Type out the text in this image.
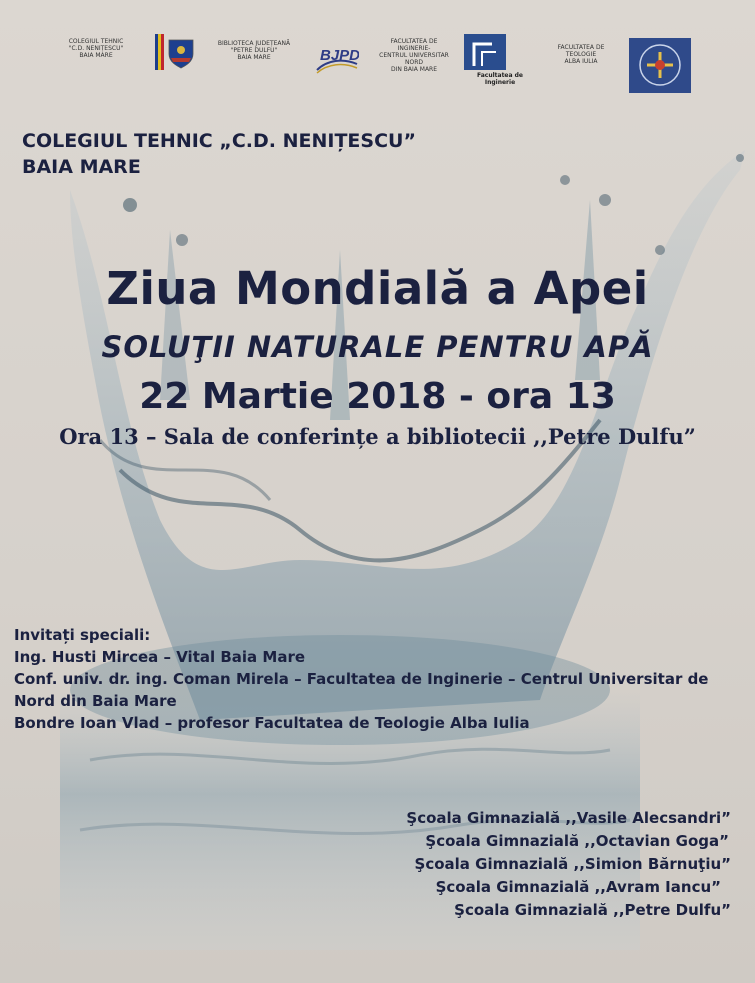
COLEGIUL TEHNIC
"C.D. NENIȚESCU"
BAIA MARE
BIBLIOTECA JUDEȚEANĂ
"PETRE DULFU"
BAIA MARE	BJPD
FACULTATEA DE
INGINERIE-
CENTRUL UNIVERSITAR
NORD
DIN BAIA MARE
Facultatea de Inginerie
FACULTATEA DE
TEOLOGIE
ALBA IULIA
COLEGIUL TEHNIC „C.D. NENIȚESCU”
BAIA MARE
Ziua Mondială a Apei
SOLUŢII NATURALE PENTRU APĂ
22 Martie 2018 - ora 13
Ora 13 – Sala de conferințe a bibliotecii ,,Petre Dulfu”
Invitați speciali:
Ing. Husti Mircea – Vital Baia Mare
Conf. univ. dr. ing. Coman Mirela – Facultatea de Inginerie – Centrul Universitar de
Nord din Baia Mare
Bondre Ioan Vlad – profesor Facultatea de Teologie Alba Iulia
Şcoala Gimnazială ,,Vasile Alecsandri”
Şcoala Gimnazială ,,Octavian Goga”
Şcoala Gimnazială ,,Simion Bărnuţiu”
Şcoala Gimnazială ,,Avram Iancu”
Şcoala Gimnazială ,,Petre Dulfu”
